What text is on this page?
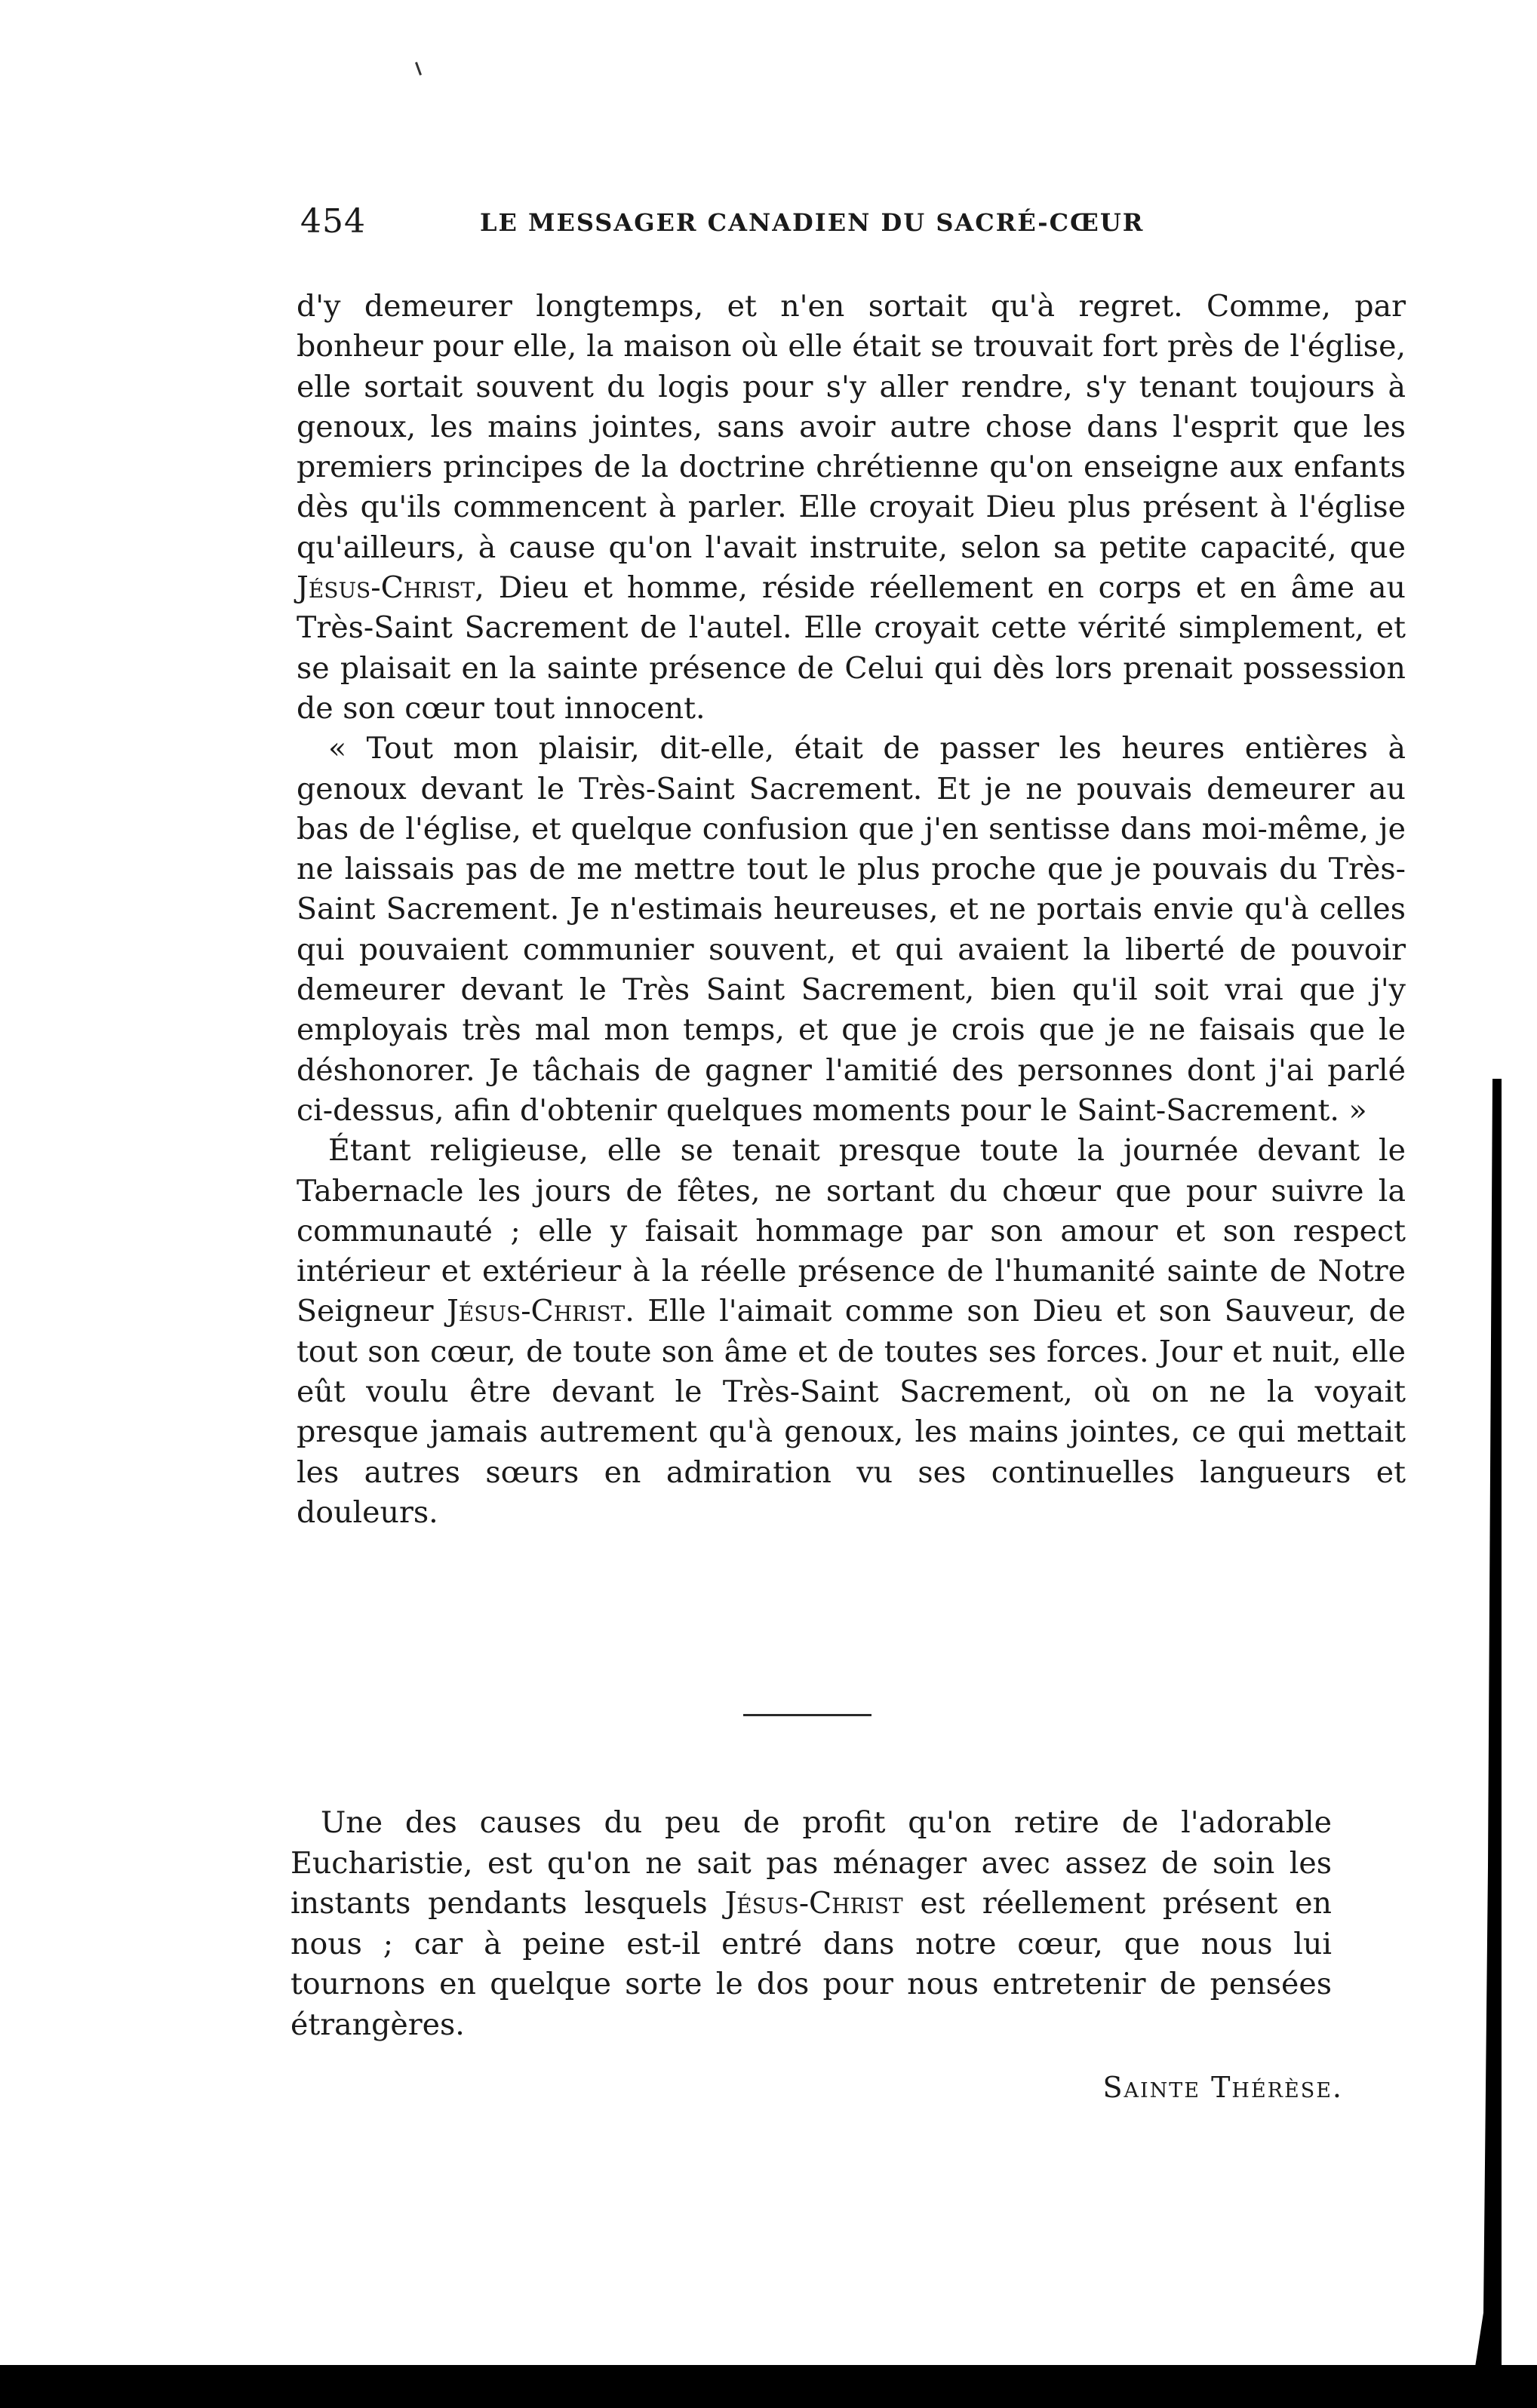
454	LE MESSAGER CANADIEN DU SACRÉ-CŒUR

d'y demeurer longtemps, et n'en sortait qu'à regret. Comme, par bonheur pour elle, la maison où elle était se trouvait fort près de l'église, elle sortait souvent du logis pour s'y aller rendre, s'y tenant toujours à genoux, les mains jointes, sans avoir autre chose dans l'esprit que les premiers principes de la doctrine chrétienne qu'on enseigne aux enfants dès qu'ils commencent à parler. Elle croyait Dieu plus présent à l'église qu'ailleurs, à cause qu'on l'avait instruite, selon sa petite capacité, que Jésus-Christ, Dieu et homme, réside réellement en corps et en âme au Très-Saint Sacrement de l'autel. Elle croyait cette vérité simplement, et se plaisait en la sainte présence de Celui qui dès lors prenait possession de son cœur tout innocent.

« Tout mon plaisir, dit-elle, était de passer les heures entières à genoux devant le Très-Saint Sacrement. Et je ne pouvais demeurer au bas de l'église, et quelque confusion que j'en sentisse dans moi-même, je ne laissais pas de me mettre tout le plus proche que je pouvais du Très-Saint Sacrement. Je n'estimais heureuses, et ne portais envie qu'à celles qui pouvaient communier souvent, et qui avaient la liberté de pouvoir demeurer devant le Très Saint Sacrement, bien qu'il soit vrai que j'y employais très mal mon temps, et que je crois que je ne faisais que le déshonorer. Je tâchais de gagner l'amitié des personnes dont j'ai parlé ci-dessus, afin d'obtenir quelques moments pour le Saint-Sacrement. »

Étant religieuse, elle se tenait presque toute la journée devant le Tabernacle les jours de fêtes, ne sortant du chœur que pour suivre la communauté ; elle y faisait hommage par son amour et son respect intérieur et extérieur à la réelle présence de l'humanité sainte de Notre Seigneur Jésus-Christ. Elle l'aimait comme son Dieu et son Sauveur, de tout son cœur, de toute son âme et de toutes ses forces. Jour et nuit, elle eût voulu être devant le Très-Saint Sacrement, où on ne la voyait presque jamais autrement qu'à genoux, les mains jointes, ce qui mettait les autres sœurs en admiration vu ses continuelles langueurs et douleurs.

Une des causes du peu de profit qu'on retire de l'adorable Eucharistie, est qu'on ne sait pas ménager avec assez de soin les instants pendants lesquels Jésus-Christ est réellement présent en nous ; car à peine est-il entré dans notre cœur, que nous lui tournons en quelque sorte le dos pour nous entretenir de pensées étrangères.

Sainte Thérèse.
